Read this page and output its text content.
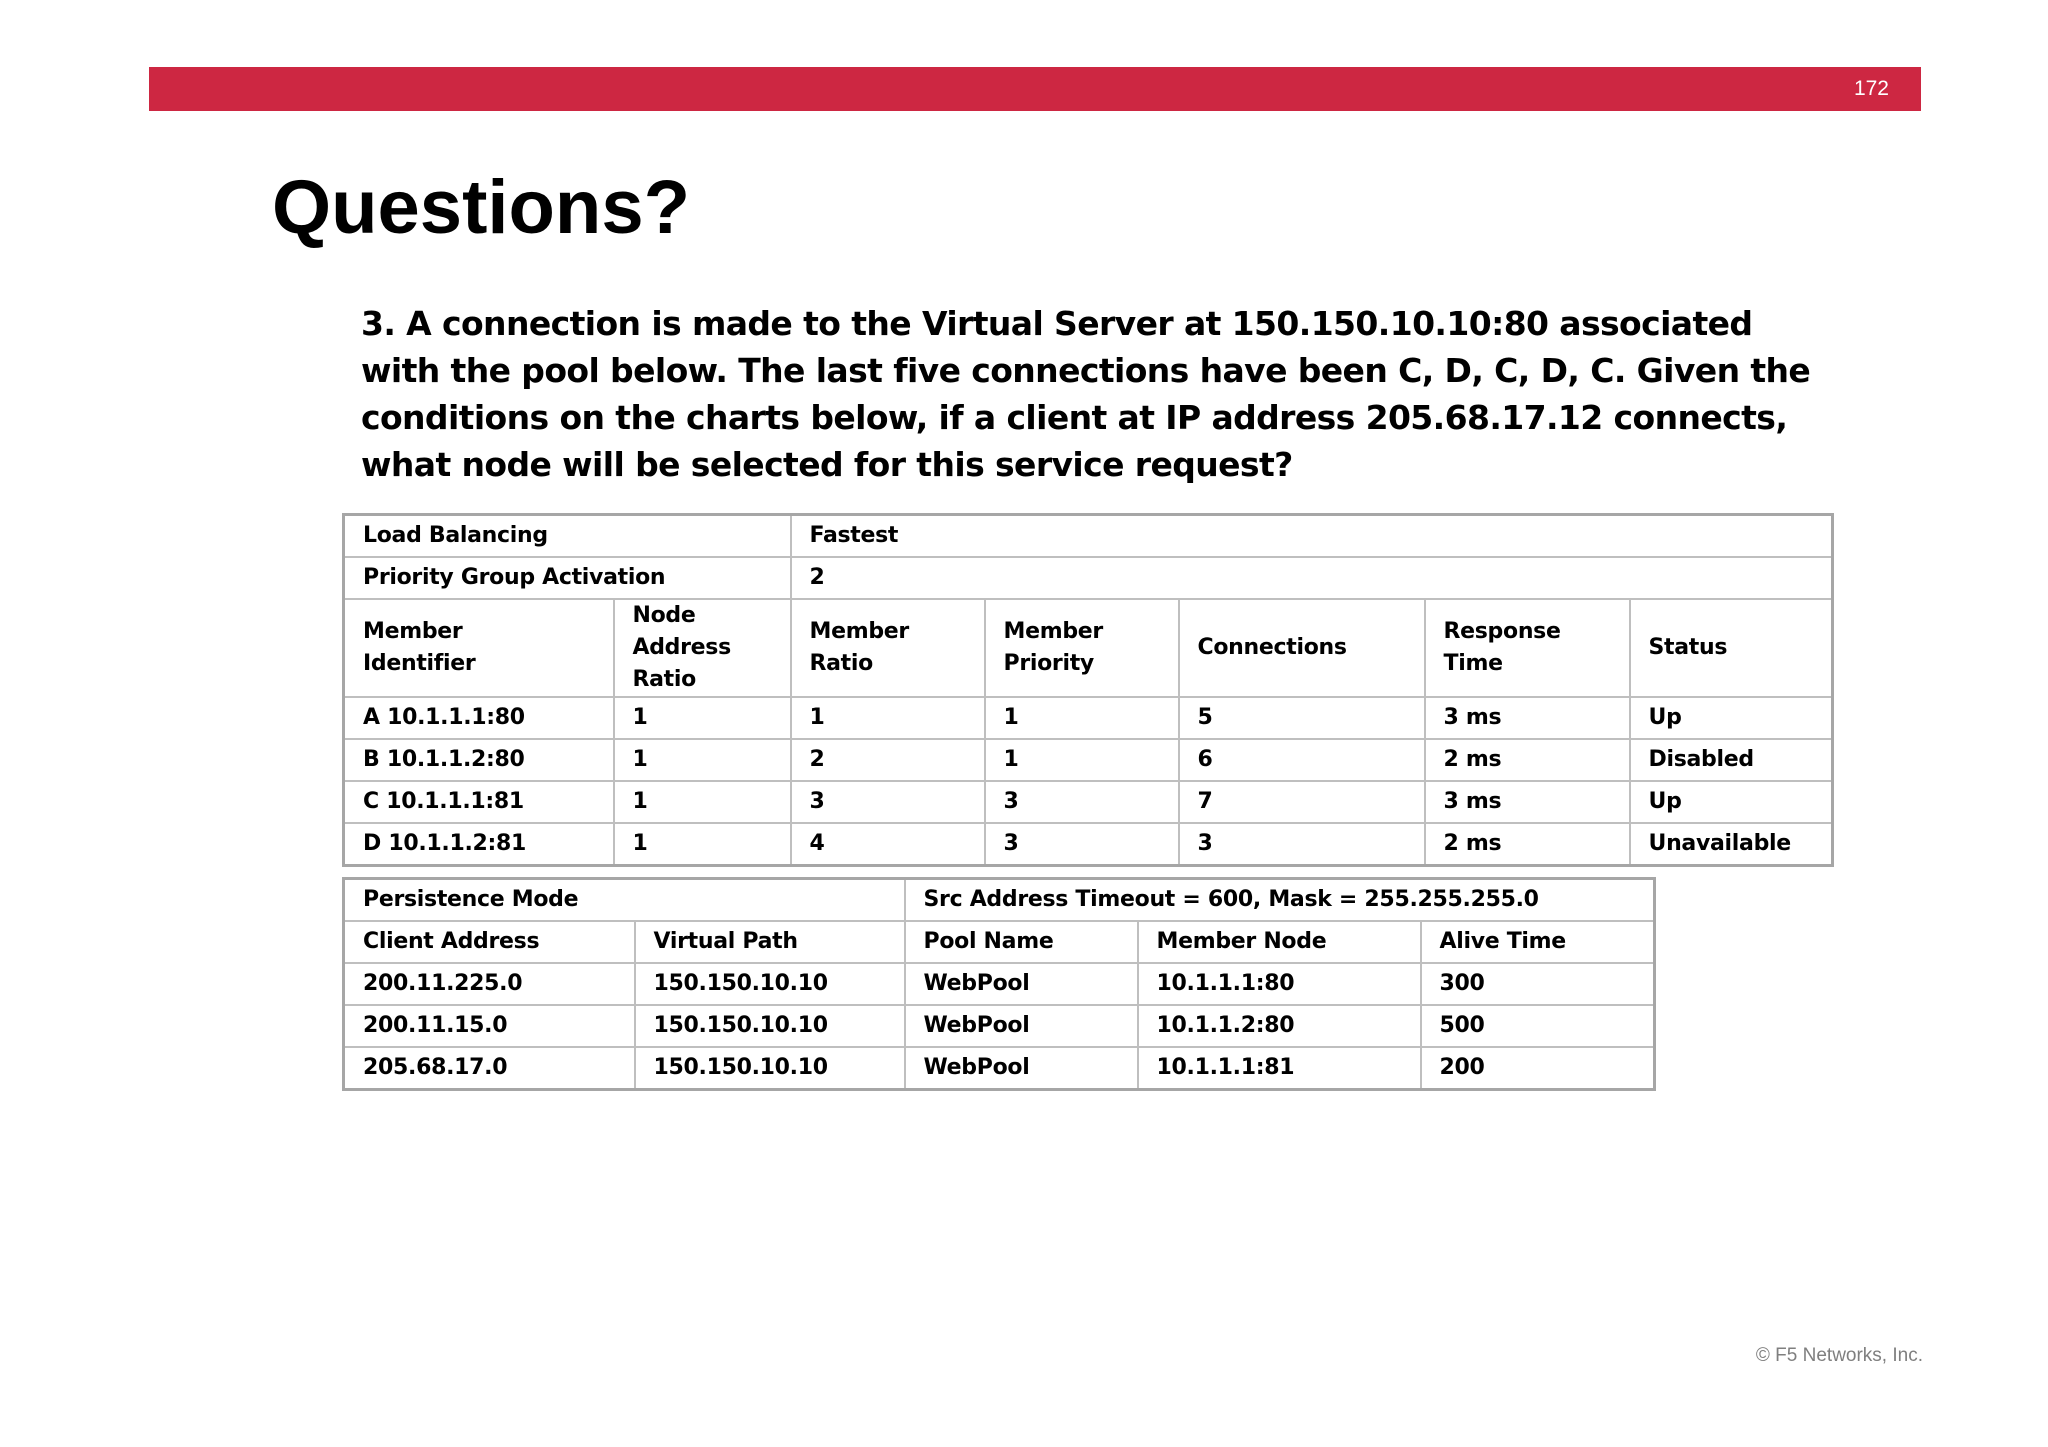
172
Questions?
3. A connection is made to the Virtual Server at 150.150.10.10:80 associated with the pool below. The last five connections have been C, D, C, D, C. Given the conditions on the charts below, if a client at IP address 205.68.17.12 connects, what node will be selected for this service request?
Load Balancing		Fastest				
Priority Group Activation		2				

Member Identifier	Node Address Ratio	Member Ratio	Member Priority	Connections	Response Time	Status
A 10.1.1.1:80	1	1	1	5	3 ms	Up
B 10.1.1.2:80	1	2	1	6	2 ms	Disabled
C 10.1.1.1:81	1	3	3	7	3 ms	Up
D 10.1.1.2:81	1	4	3	3	2 ms	Unavailable
Persistence Mode		Src Address Timeout = 600, Mask = 255.255.255.0		
Client Address	Virtual Path	Pool Name	Member Node	Alive Time
200.11.225.0	150.150.10.10	WebPool	10.1.1.1:80	300
200.11.15.0	150.150.10.10	WebPool	10.1.1.2:80	500
205.68.17.0	150.150.10.10	WebPool	10.1.1.1:81	200
© F5 Networks, Inc.
